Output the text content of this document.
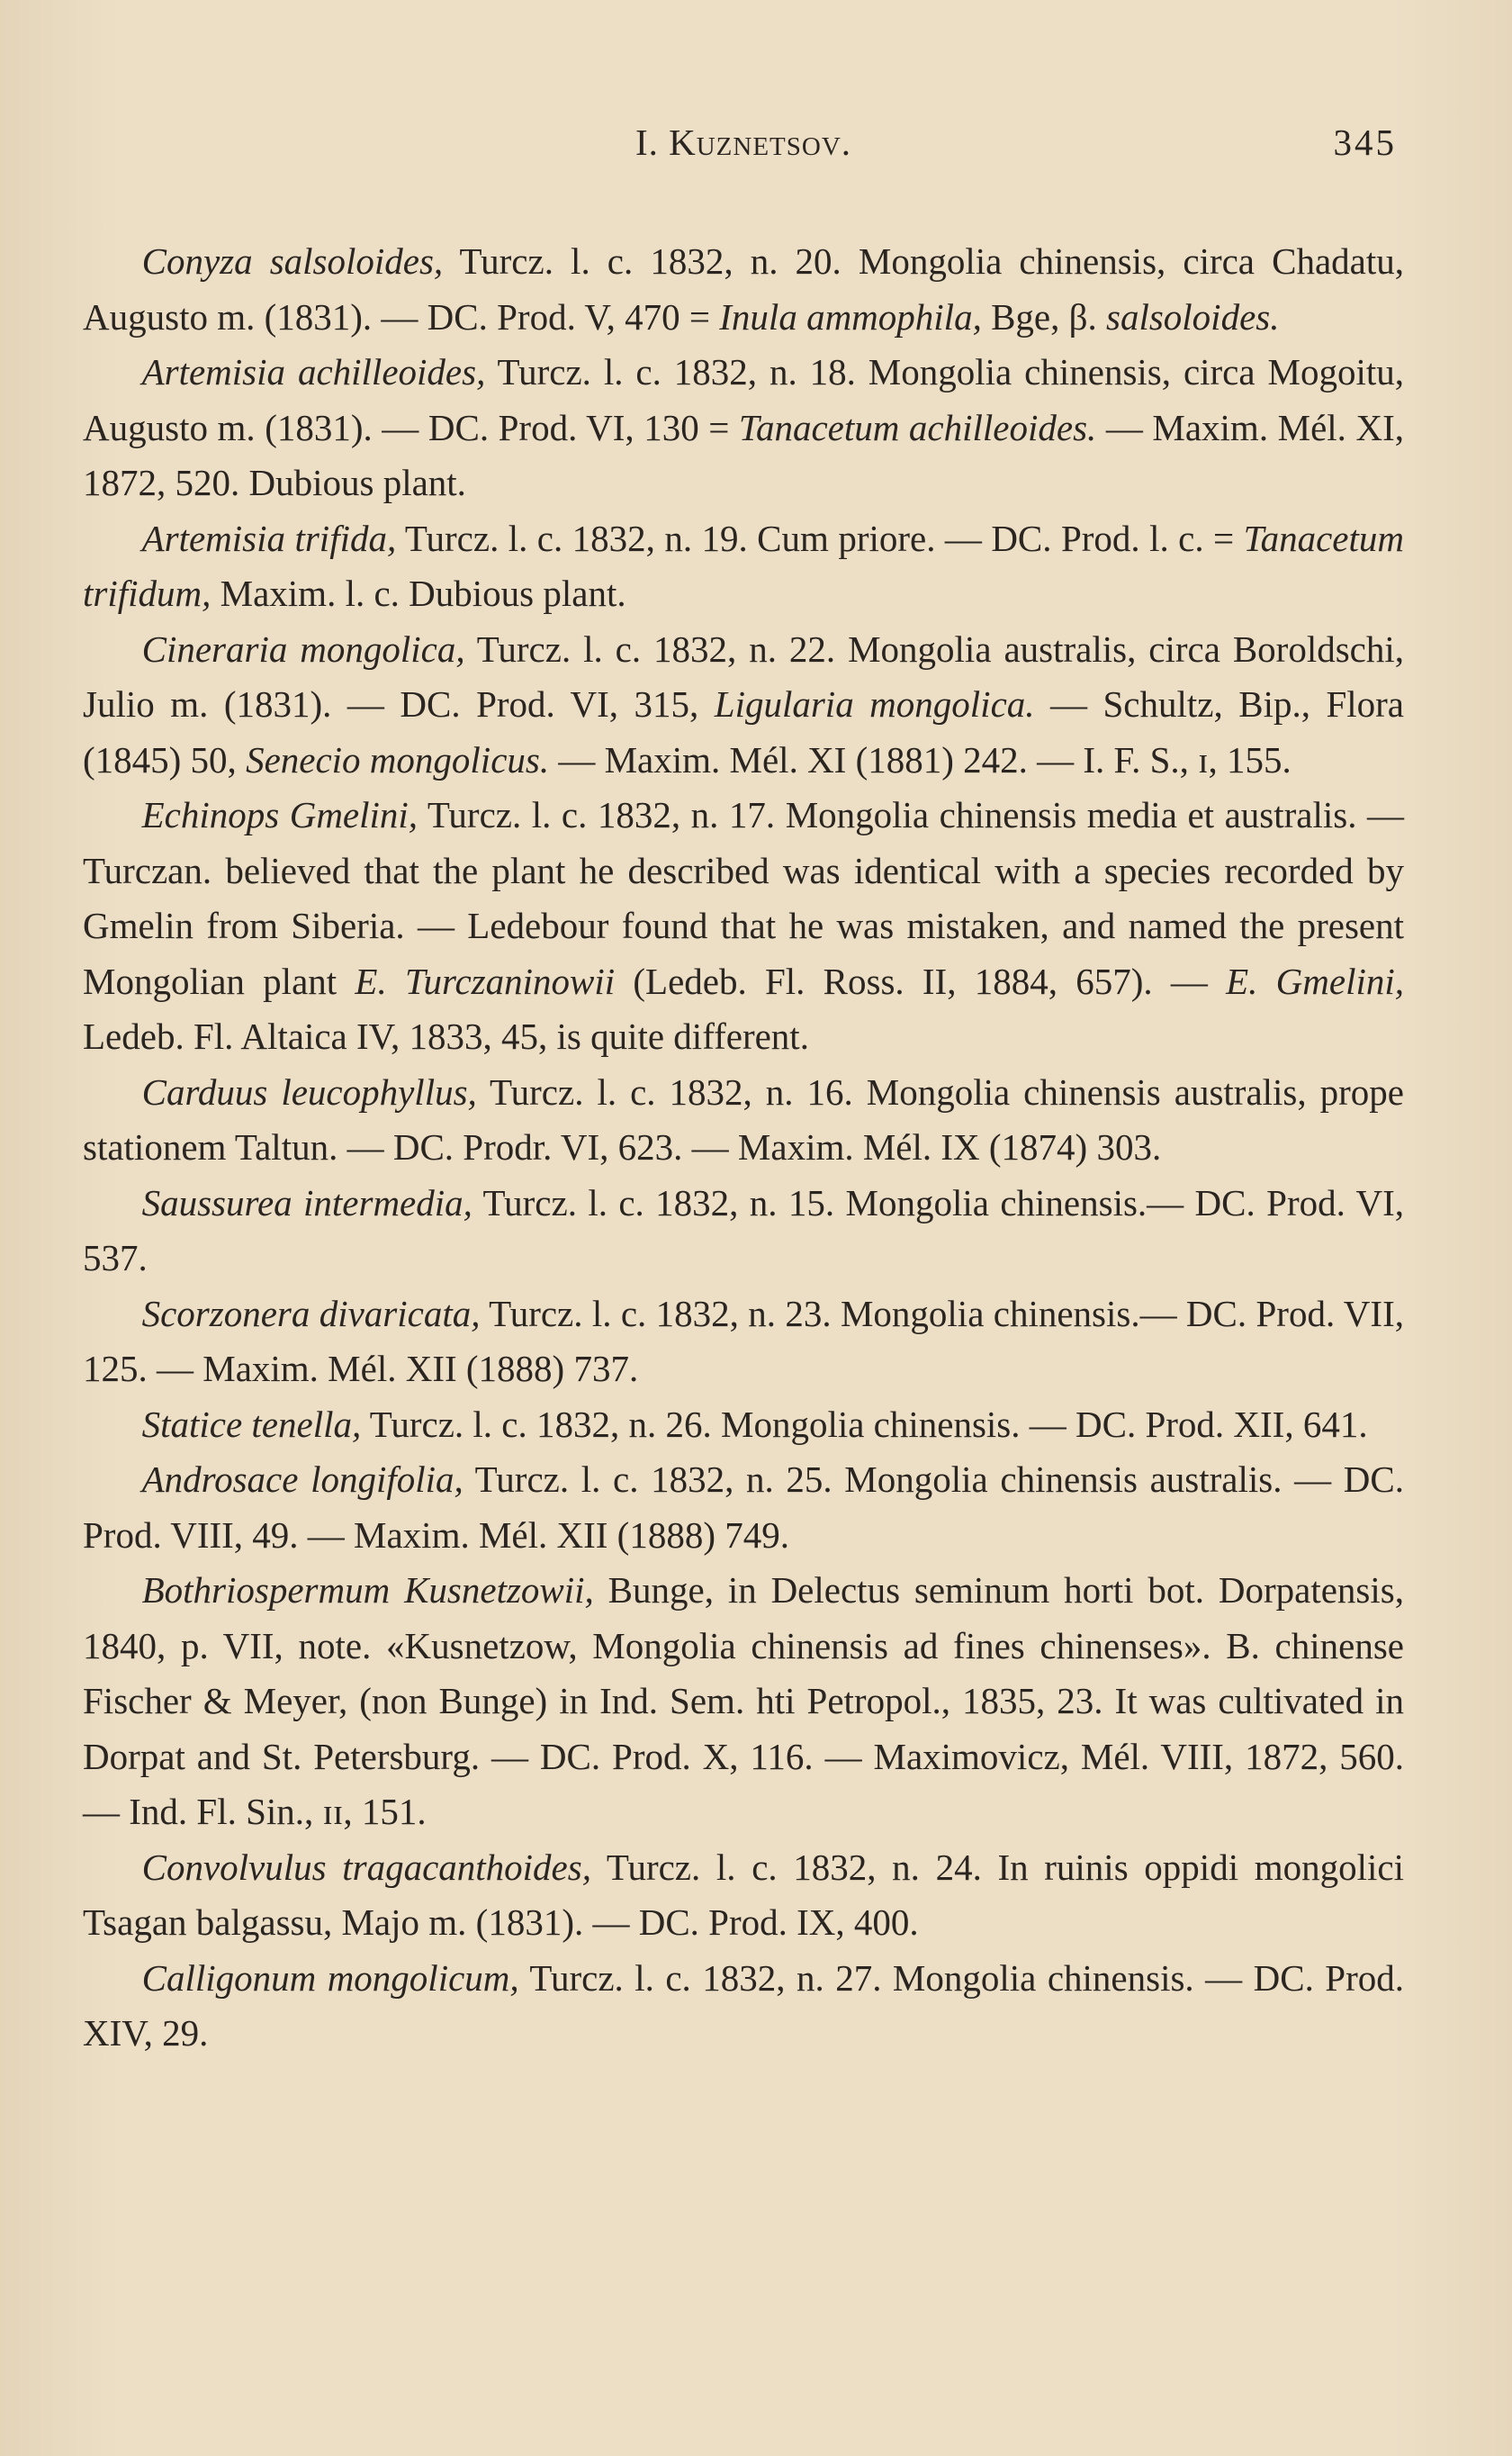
I. Kuznetsov.	345

Conyza salsoloides, Turcz. l. c. 1832, n. 20. Mongolia chinensis, circa Chadatu, Augusto m. (1831). — DC. Prod. V, 470 = Inula ammophila, Bge, β. salsoloides.

Artemisia achilleoides, Turcz. l. c. 1832, n. 18. Mongolia chinensis, circa Mogoitu, Augusto m. (1831). — DC. Prod. VI, 130 = Tanacetum achilleoides. — Maxim. Mél. XI, 1872, 520. Dubious plant.

Artemisia trifida, Turcz. l. c. 1832, n. 19. Cum priore. — DC. Prod. l. c. = Tanacetum trifidum, Maxim. l. c. Dubious plant.

Cineraria mongolica, Turcz. l. c. 1832, n. 22. Mongolia australis, circa Boroldschi, Julio m. (1831). — DC. Prod. VI, 315, Ligularia mongolica. — Schultz, Bip., Flora (1845) 50, Senecio mongolicus. — Maxim. Mél. XI (1881) 242. — I. F. S., ɪ, 155.

Echinops Gmelini, Turcz. l. c. 1832, n. 17. Mongolia chinensis media et australis. — Turczan. believed that the plant he described was identical with a species recorded by Gmelin from Siberia. — Ledebour found that he was mistaken, and named the present Mongolian plant E. Turczaninowii (Ledeb. Fl. Ross. II, 1884, 657). — E. Gmelini, Ledeb. Fl. Altaica IV, 1833, 45, is quite different.

Carduus leucophyllus, Turcz. l. c. 1832, n. 16. Mongolia chinensis australis, prope stationem Taltun. — DC. Prodr. VI, 623. — Maxim. Mél. IX (1874) 303.

Saussurea intermedia, Turcz. l. c. 1832, n. 15. Mongolia chinensis.— DC. Prod. VI, 537.

Scorzonera divaricata, Turcz. l. c. 1832, n. 23. Mongolia chinensis.— DC. Prod. VII, 125. — Maxim. Mél. XII (1888) 737.

Statice tenella, Turcz. l. c. 1832, n. 26. Mongolia chinensis. — DC. Prod. XII, 641.

Androsace longifolia, Turcz. l. c. 1832, n. 25. Mongolia chinensis australis. — DC. Prod. VIII, 49. — Maxim. Mél. XII (1888) 749.

Bothriospermum Kusnetzowii, Bunge, in Delectus seminum horti bot. Dorpatensis, 1840, p. VII, note. «Kusnetzow, Mongolia chinensis ad fines chinenses». B. chinense Fischer & Meyer, (non Bunge) in Ind. Sem. hti Petropol., 1835, 23. It was cultivated in Dorpat and St. Petersburg. — DC. Prod. X, 116. — Maximovicz, Mél. VIII, 1872, 560. — Ind. Fl. Sin., ɪɪ, 151.

Convolvulus tragacanthoides, Turcz. l. c. 1832, n. 24. In ruinis oppidi mongolici Tsagan balgassu, Majo m. (1831). — DC. Prod. IX, 400.

Calligonum mongolicum, Turcz. l. c. 1832, n. 27. Mongolia chinensis. — DC. Prod. XIV, 29.
